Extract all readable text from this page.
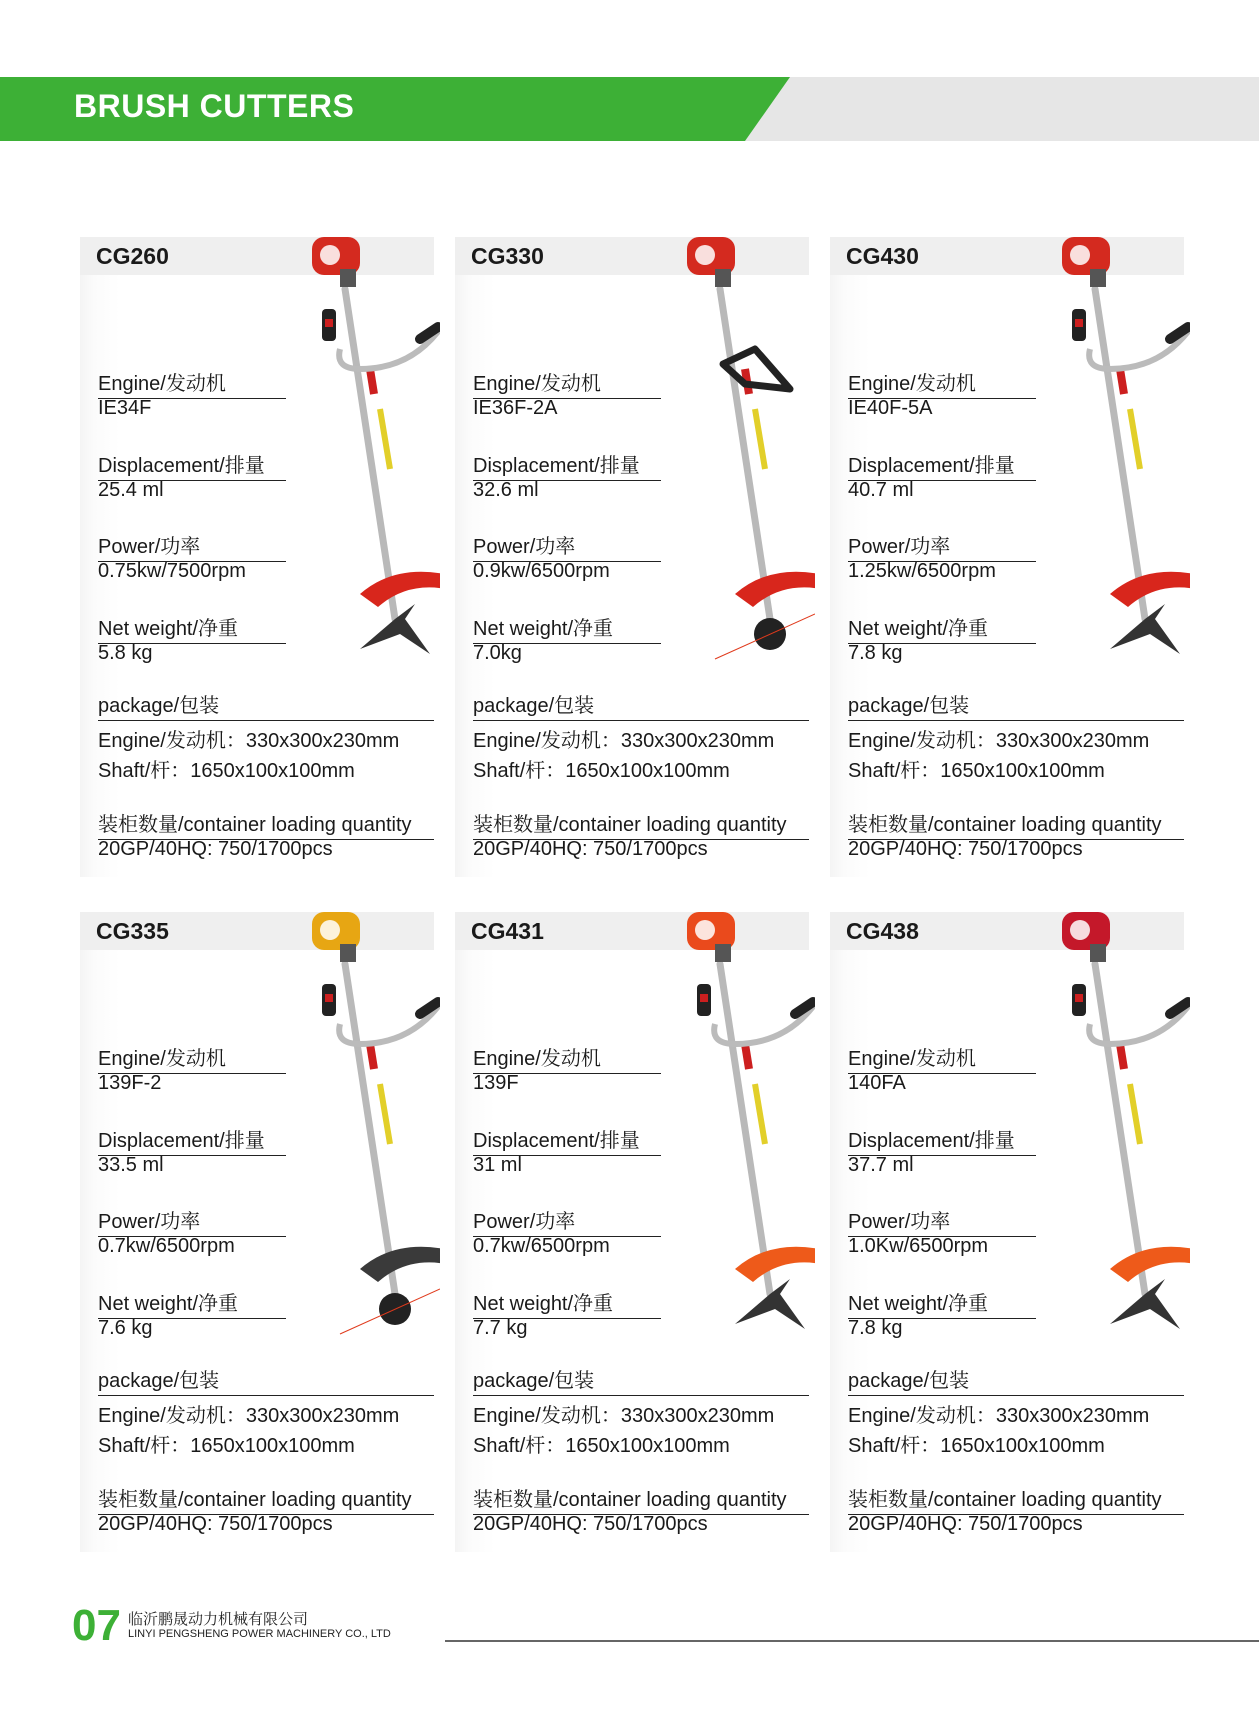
BRUSH CUTTERS
CG260
Engine/发动机
IE34F
Displacement/排量
25.4 ml
Power/功率
0.75kw/7500rpm
Net weight/净重
5.8 kg
package/包装
Engine/发动机：330x300x230mm
Shaft/杆：1650x100x100mm
装柜数量/container loading quantity
20GP/40HQ: 750/1700pcs
CG330
Engine/发动机
IE36F-2A
Displacement/排量
32.6 ml
Power/功率
0.9kw/6500rpm
Net weight/净重
7.0kg
package/包装
Engine/发动机：330x300x230mm
Shaft/杆：1650x100x100mm
装柜数量/container loading quantity
20GP/40HQ: 750/1700pcs
CG430
Engine/发动机
IE40F-5A
Displacement/排量
40.7 ml
Power/功率
1.25kw/6500rpm
Net weight/净重
7.8 kg
package/包装
Engine/发动机：330x300x230mm
Shaft/杆：1650x100x100mm
装柜数量/container loading quantity
20GP/40HQ: 750/1700pcs
CG335
Engine/发动机
139F-2
Displacement/排量
33.5 ml
Power/功率
0.7kw/6500rpm
Net weight/净重
7.6 kg
package/包装
Engine/发动机：330x300x230mm
Shaft/杆：1650x100x100mm
装柜数量/container loading quantity
20GP/40HQ: 750/1700pcs
CG431
Engine/发动机
139F
Displacement/排量
31 ml
Power/功率
0.7kw/6500rpm
Net weight/净重
7.7 kg
package/包装
Engine/发动机：330x300x230mm
Shaft/杆：1650x100x100mm
装柜数量/container loading quantity
20GP/40HQ: 750/1700pcs
CG438
Engine/发动机
140FA
Displacement/排量
37.7 ml
Power/功率
1.0Kw/6500rpm
Net weight/净重
7.8 kg
package/包装
Engine/发动机：330x300x230mm
Shaft/杆：1650x100x100mm
装柜数量/container loading quantity
20GP/40HQ: 750/1700pcs
07 临沂鹏晟动力机械有限公司
LINYI PENGSHENG POWER MACHINERY CO., LTD
